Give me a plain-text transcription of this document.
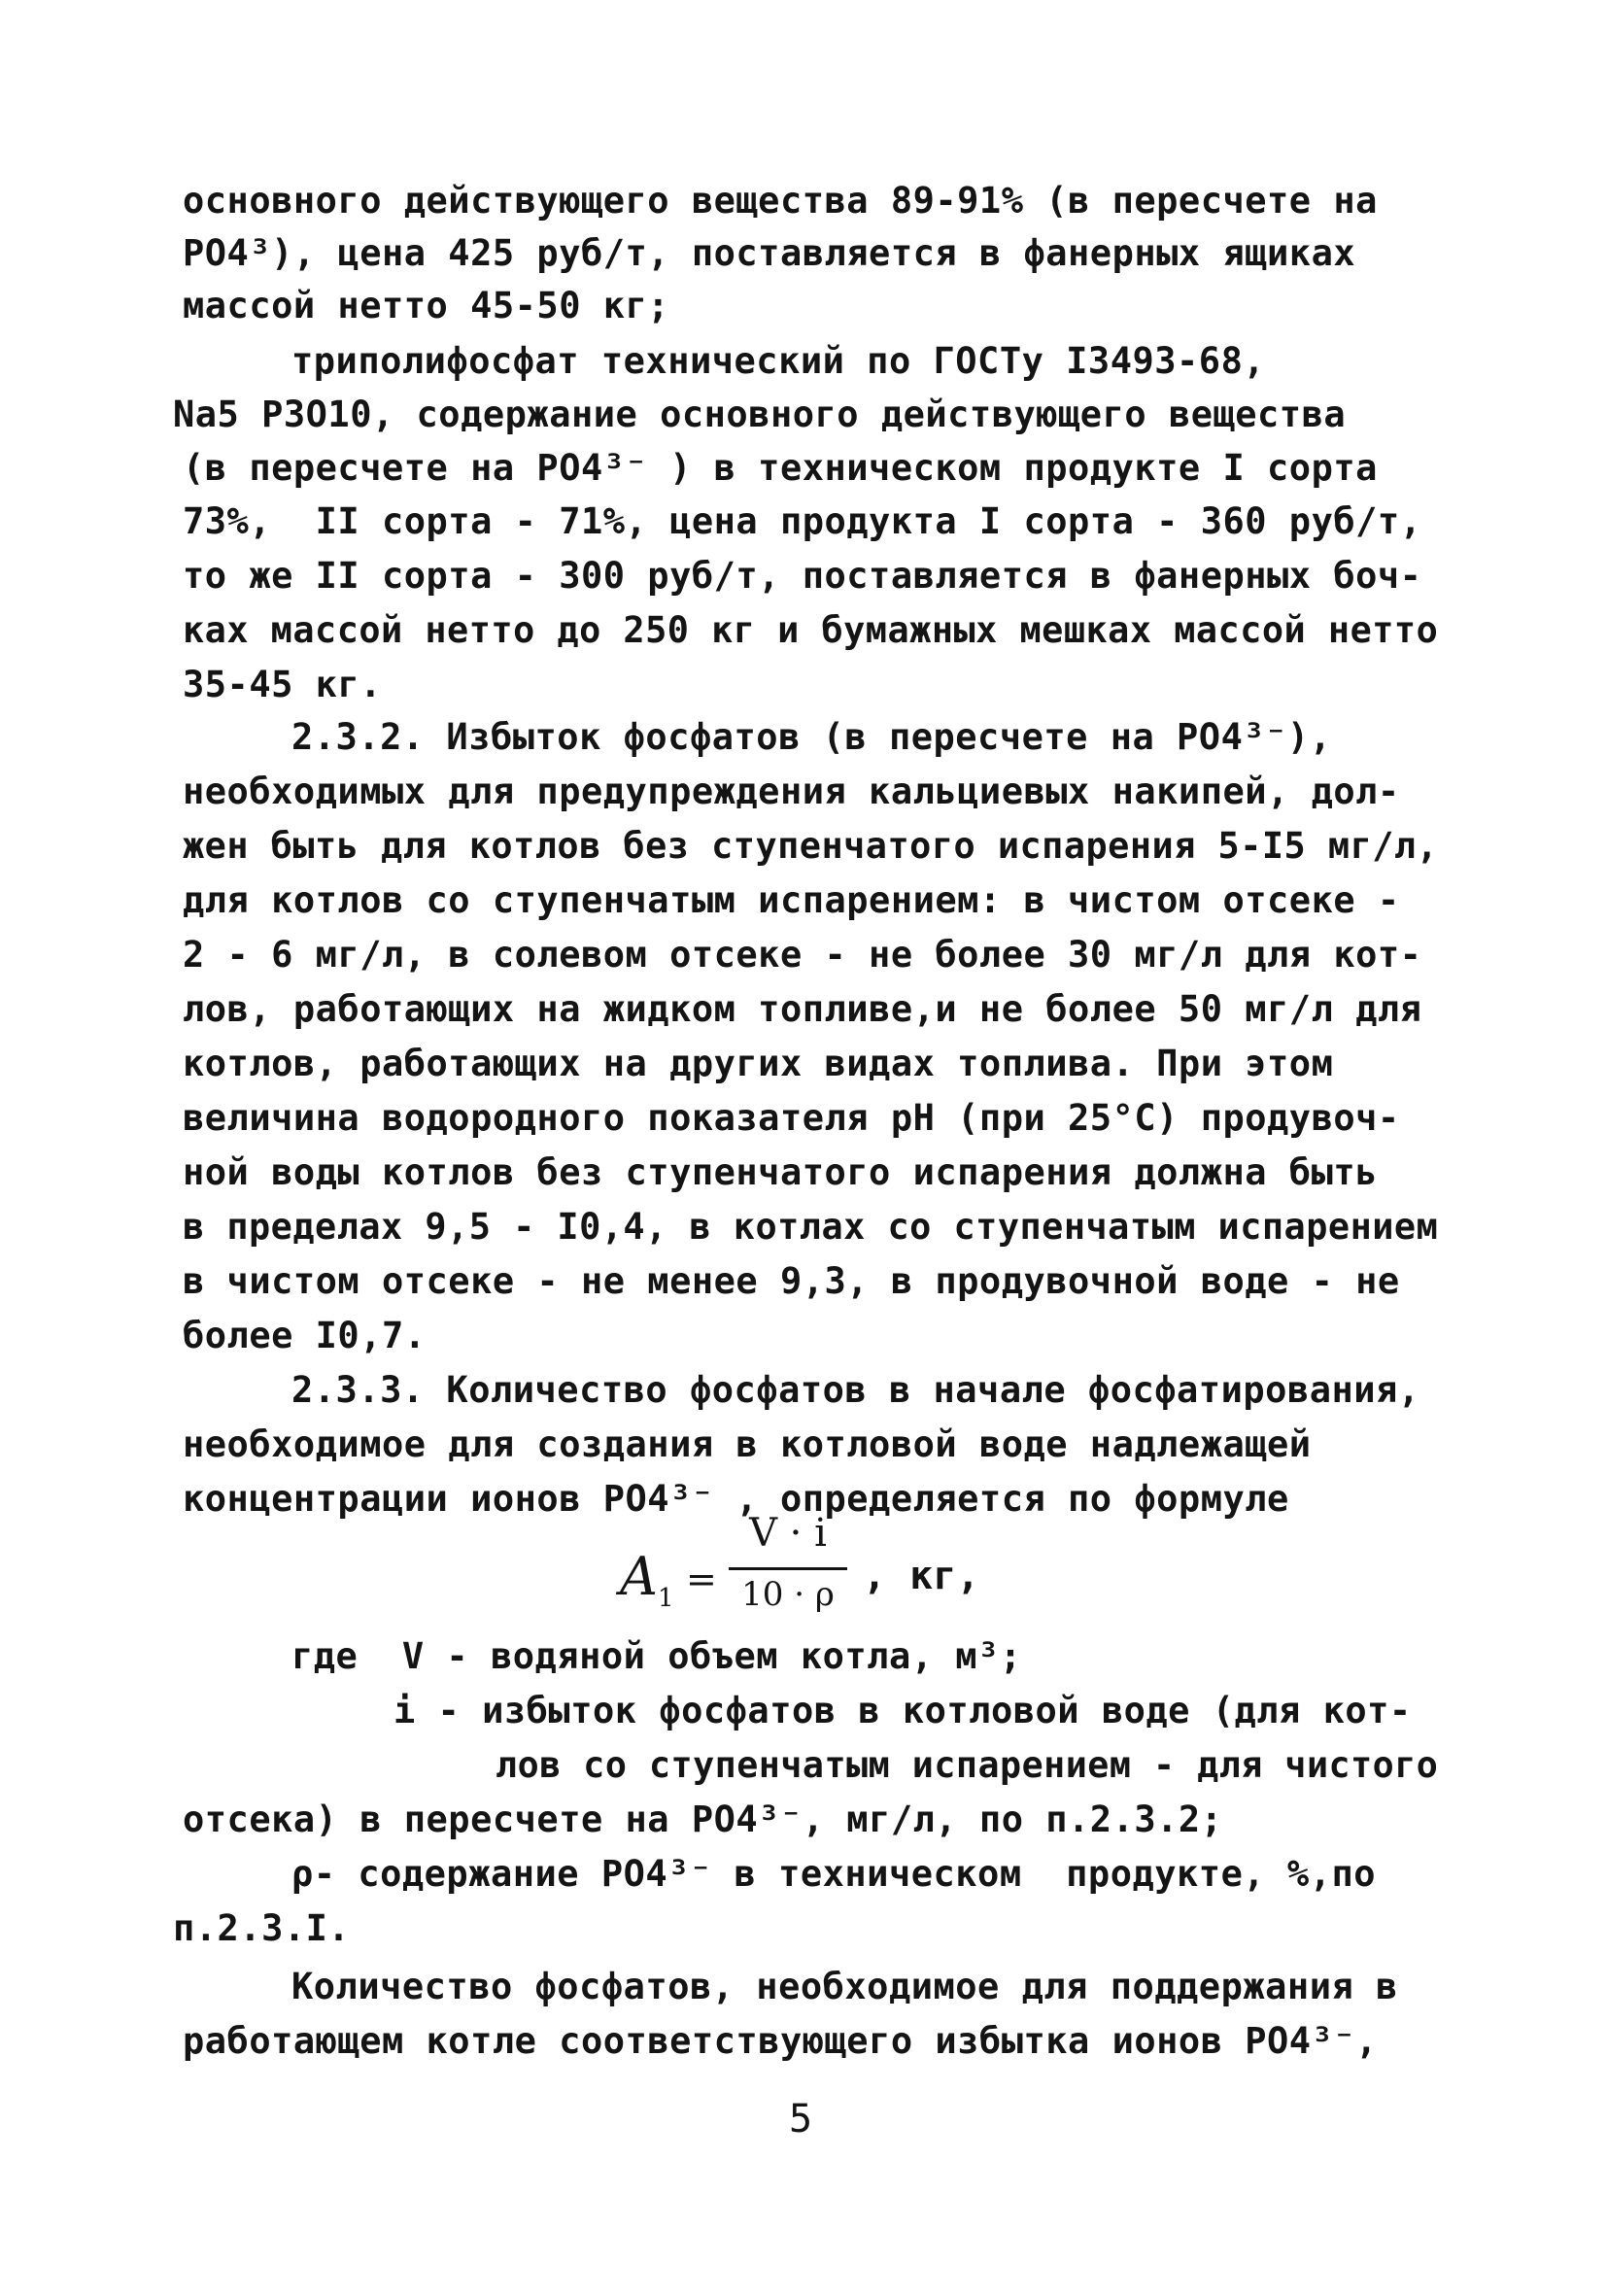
основного действующего вещества 89-91% (в пересчете на
PO4³), цена 425 руб/т, поставляется в фанерных ящиках
массой нетто 45-50 кг;
триполифосфат технический по ГОСТу I3493-68,
Na5 P3O10, содержание основного действующего вещества
(в пересчете на PO4³⁻ ) в техническом продукте I сорта
73%,  II сорта - 71%, цена продукта I сорта - 360 руб/т,
то же II сорта - 300 руб/т, поставляется в фанерных боч-
ках массой нетто до 250 кг и бумажных мешках массой нетто
35-45 кг.
2.3.2. Избыток фосфатов (в пересчете на PO4³⁻),
необходимых для предупреждения кальциевых накипей, дол-
жен быть для котлов без ступенчатого испарения 5-I5 мг/л,
для котлов со ступенчатым испарением: в чистом отсеке -
2 - 6 мг/л, в солевом отсеке - не более 30 мг/л для кот-
лов, работающих на жидком топливе,и не более 50 мг/л для
котлов, работающих на других видах топлива. При этом
величина водородного показателя pH (при 25°С) продувоч-
ной воды котлов без ступенчатого испарения должна быть
в пределах 9,5 - I0,4, в котлах со ступенчатым испарением
в чистом отсеке - не менее 9,3, в продувочной воде - не
более I0,7.
2.3.3. Количество фосфатов в начале фосфатирования,
необходимое для создания в котловой воде надлежащей
концентрации ионов PO4³⁻ , определяется по формуле
$A_1$ =
V · i
10 · ρ , кг,
где  V - водяной объем котла, м³;
i - избыток фосфатов в котловой воде (для кот-
лов со ступенчатым испарением - для чистого
отсека) в пересчете на PO4³⁻, мг/л, по п.2.3.2;
ρ- содержание PO4³⁻ в техническом  продукте, %,по
п.2.3.I.
Количество фосфатов, необходимое для поддержания в
работающем котле соответствующего избытка ионов PO4³⁻,
5
